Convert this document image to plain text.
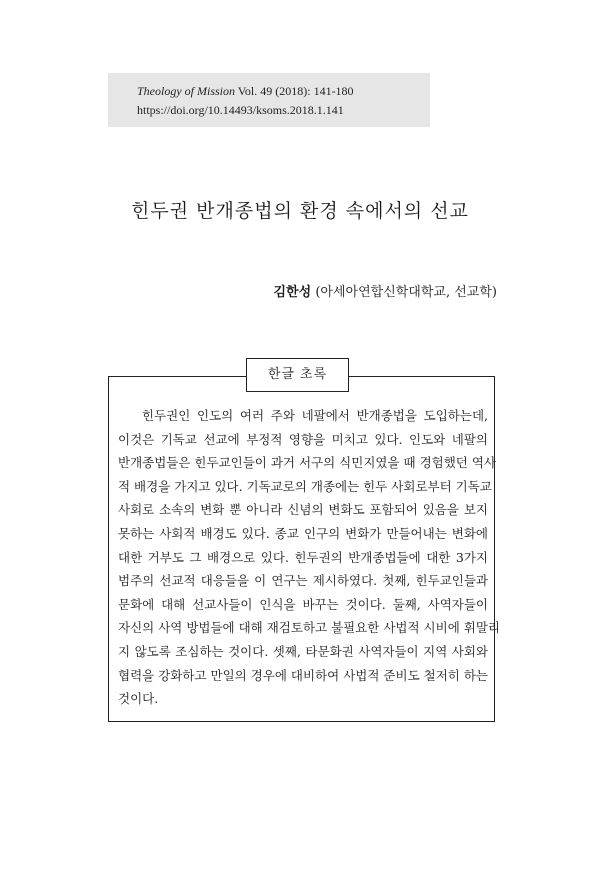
Theology of Mission Vol. 49 (2018): 141-180
https://doi.org/10.14493/ksoms.2018.1.141
힌두권 반개종법의 환경 속에서의 선교
김한성 (아세아연합신학대학교, 선교학)
한글 초록
힌두권인 인도의 여러 주와 네팔에서 반개종법을 도입하는데,
이것은 기독교 선교에 부정적 영향을 미치고 있다. 인도와 네팔의
반개종법들은 힌두교인들이 과거 서구의 식민지였을 때 경험했던 역사
적 배경을 가지고 있다. 기독교로의 개종에는 힌두 사회로부터 기독교
사회로 소속의 변화 뿐 아니라 신념의 변화도 포함되어 있음을 보지
못하는 사회적 배경도 있다. 종교 인구의 변화가 만들어내는 변화에
대한 거부도 그 배경으로 있다. 힌두권의 반개종법들에 대한 3가지
범주의 선교적 대응들을 이 연구는 제시하였다. 첫째, 힌두교인들과
문화에 대해 선교사들이 인식을 바꾸는 것이다. 둘째, 사역자들이
자신의 사역 방법들에 대해 재검토하고 불필요한 사법적 시비에 휘말리
지 않도록 조심하는 것이다. 셋째, 타문화권 사역자들이 지역 사회와
협력을 강화하고 만일의 경우에 대비하여 사법적 준비도 철저히 하는
것이다.
